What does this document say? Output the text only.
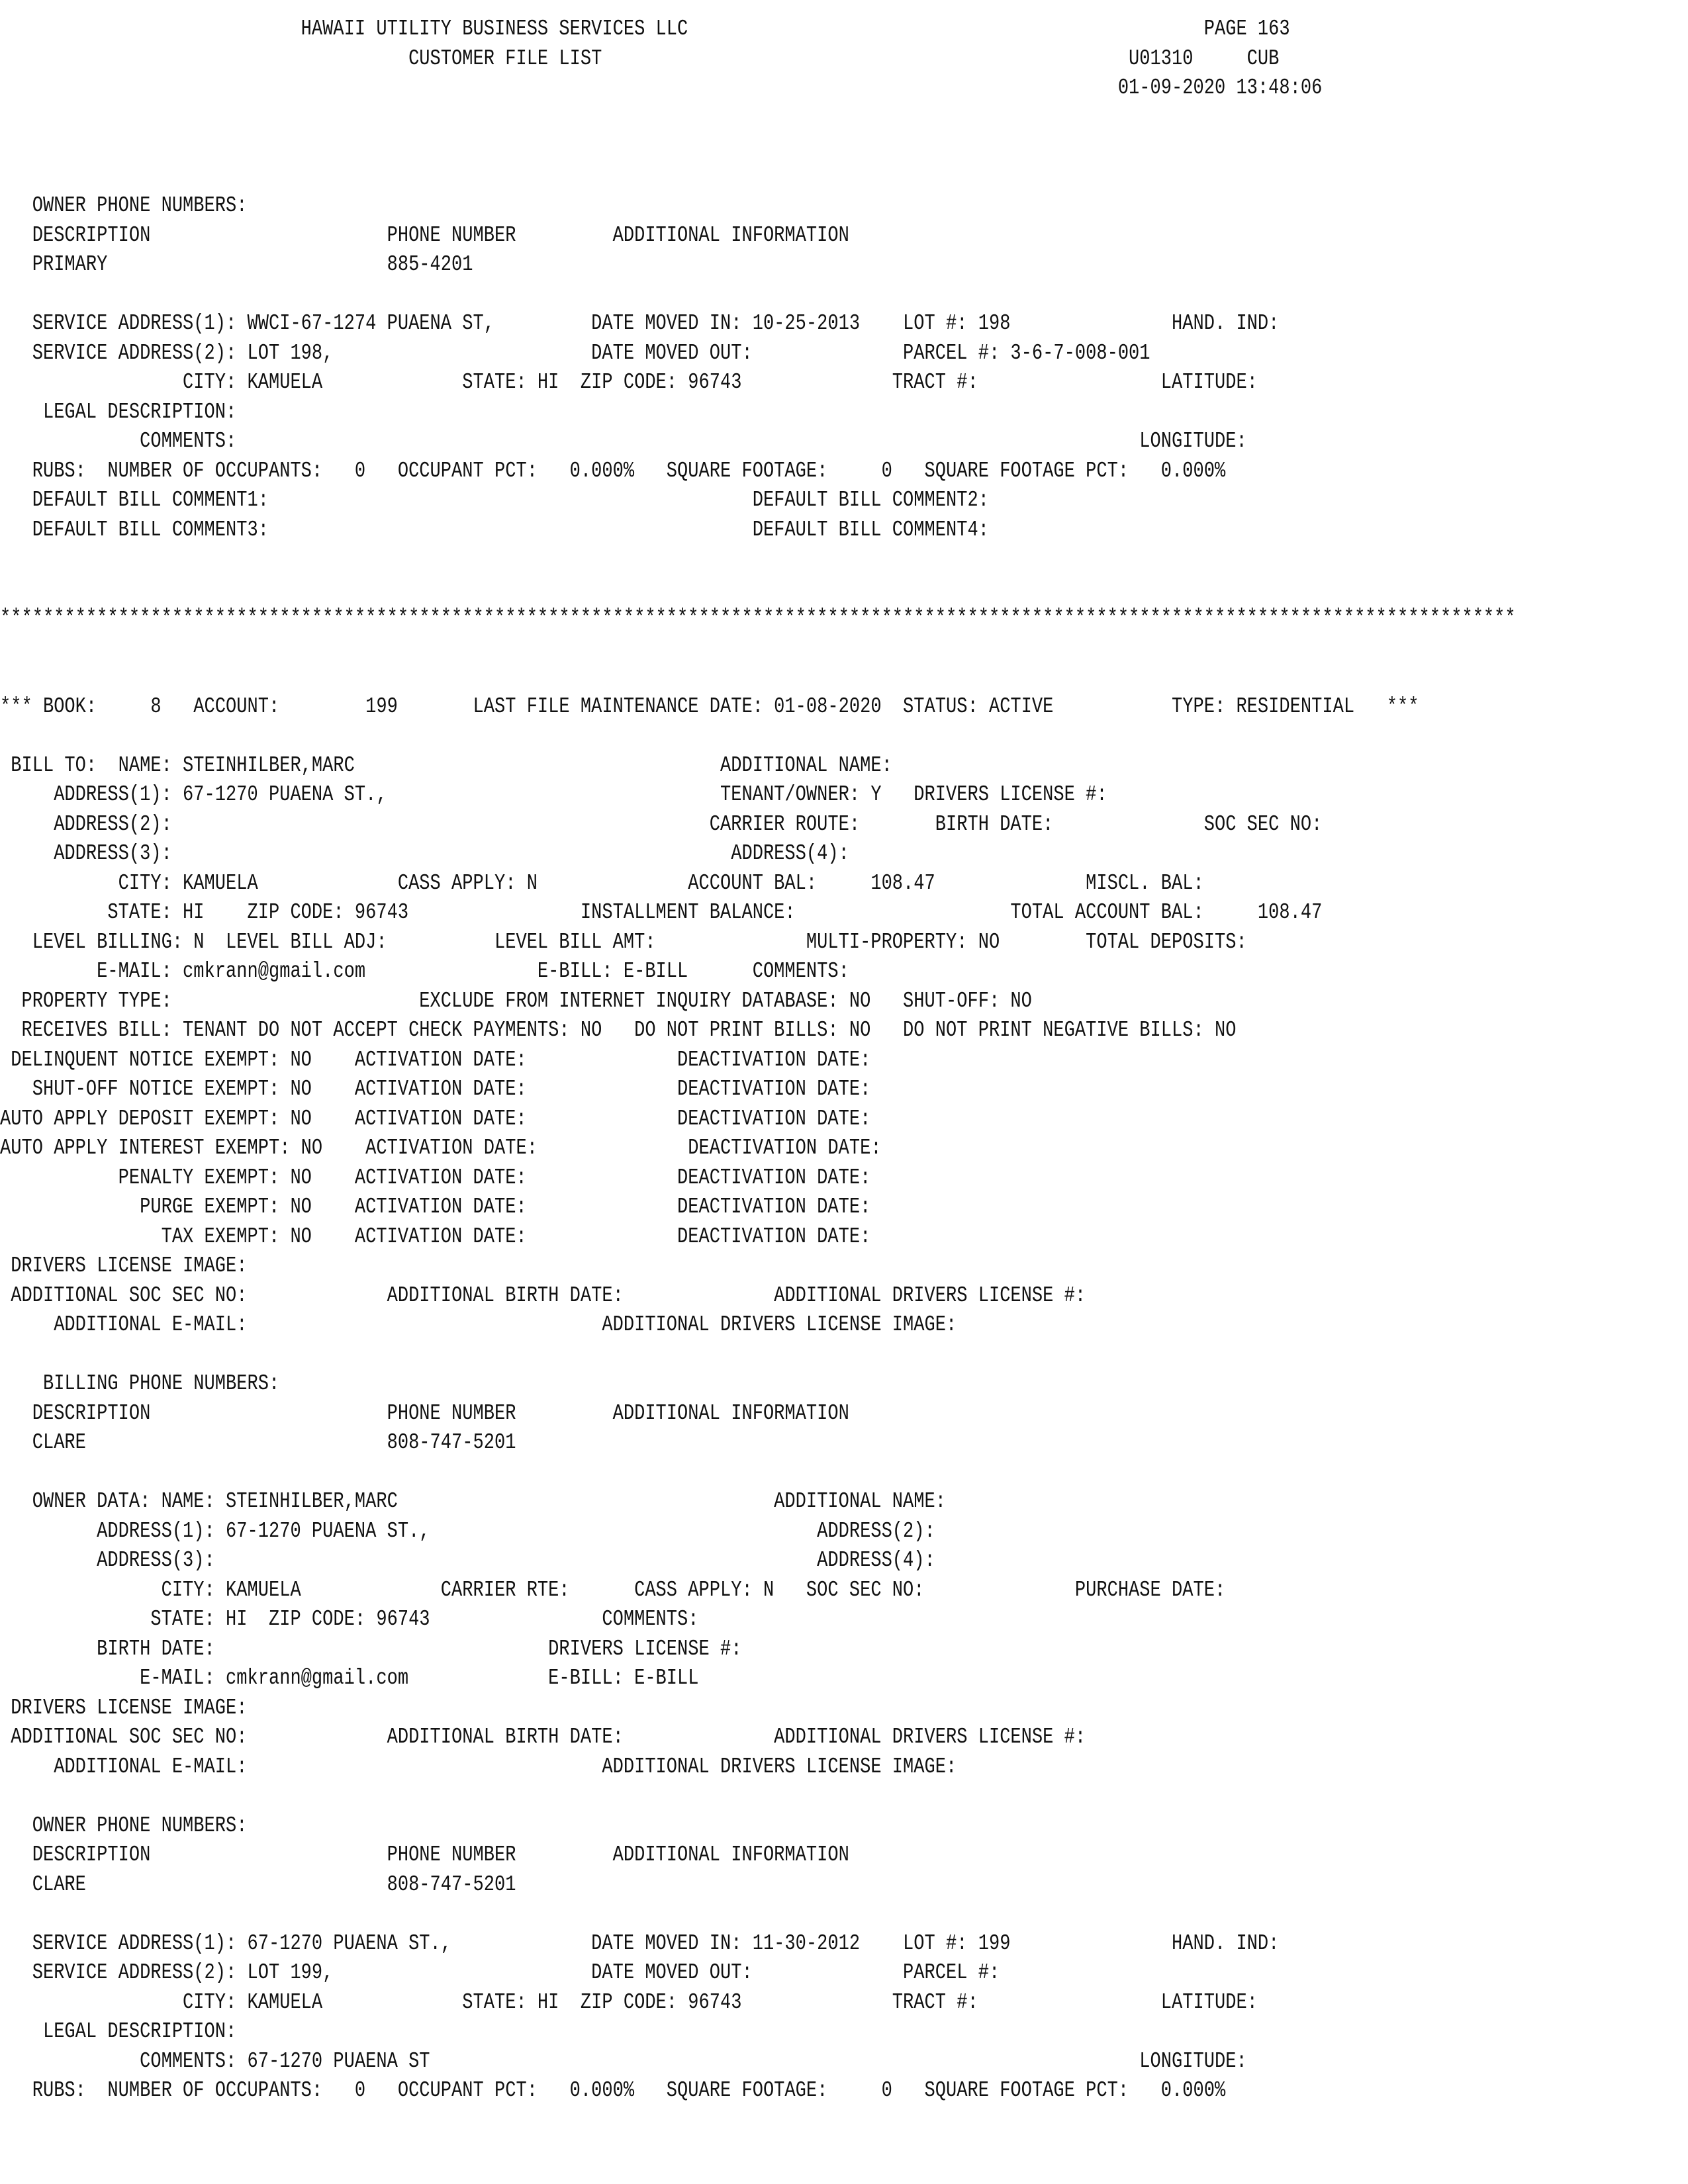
HAWAII UTILITY BUSINESS SERVICES LLC                                                PAGE 163
CUSTOMER FILE LIST                                                 U01310     CUB
01-09-2020 13:48:06
OWNER PHONE NUMBERS:
DESCRIPTION                      PHONE NUMBER         ADDITIONAL INFORMATION
PRIMARY                          885-4201
SERVICE ADDRESS(1): WWCI-67-1274 PUAENA ST,         DATE MOVED IN: 10-25-2013    LOT #: 198               HAND. IND:
SERVICE ADDRESS(2): LOT 198,                        DATE MOVED OUT:              PARCEL #: 3-6-7-008-001
CITY: KAMUELA             STATE: HI  ZIP CODE: 96743              TRACT #:                 LATITUDE:
LEGAL DESCRIPTION:
COMMENTS:                                                                                    LONGITUDE:
RUBS:  NUMBER OF OCCUPANTS:   0   OCCUPANT PCT:   0.000%   SQUARE FOOTAGE:     0   SQUARE FOOTAGE PCT:   0.000%
DEFAULT BILL COMMENT1:                                             DEFAULT BILL COMMENT2:
DEFAULT BILL COMMENT3:                                             DEFAULT BILL COMMENT4:
*********************************************************************************************************************************************
*** BOOK:     8   ACCOUNT:        199       LAST FILE MAINTENANCE DATE: 01-08-2020  STATUS: ACTIVE           TYPE: RESIDENTIAL   ***
BILL TO:  NAME: STEINHILBER,MARC                                  ADDITIONAL NAME:
ADDRESS(1): 67-1270 PUAENA ST.,                               TENANT/OWNER: Y   DRIVERS LICENSE #:
ADDRESS(2):                                                  CARRIER ROUTE:       BIRTH DATE:              SOC SEC NO:
ADDRESS(3):                                                    ADDRESS(4):
CITY: KAMUELA             CASS APPLY: N              ACCOUNT BAL:     108.47              MISCL. BAL:
STATE: HI    ZIP CODE: 96743                INSTALLMENT BALANCE:                    TOTAL ACCOUNT BAL:     108.47
LEVEL BILLING: N  LEVEL BILL ADJ:          LEVEL BILL AMT:              MULTI-PROPERTY: NO        TOTAL DEPOSITS:
E-MAIL: cmkrann@gmail.com                E-BILL: E-BILL      COMMENTS:
PROPERTY TYPE:                       EXCLUDE FROM INTERNET INQUIRY DATABASE: NO   SHUT-OFF: NO
RECEIVES BILL: TENANT DO NOT ACCEPT CHECK PAYMENTS: NO   DO NOT PRINT BILLS: NO   DO NOT PRINT NEGATIVE BILLS: NO
DELINQUENT NOTICE EXEMPT: NO    ACTIVATION DATE:              DEACTIVATION DATE:
SHUT-OFF NOTICE EXEMPT: NO    ACTIVATION DATE:              DEACTIVATION DATE:
AUTO APPLY DEPOSIT EXEMPT: NO    ACTIVATION DATE:              DEACTIVATION DATE:
AUTO APPLY INTEREST EXEMPT: NO    ACTIVATION DATE:              DEACTIVATION DATE:
PENALTY EXEMPT: NO    ACTIVATION DATE:              DEACTIVATION DATE:
PURGE EXEMPT: NO    ACTIVATION DATE:              DEACTIVATION DATE:
TAX EXEMPT: NO    ACTIVATION DATE:              DEACTIVATION DATE:
DRIVERS LICENSE IMAGE:
ADDITIONAL SOC SEC NO:             ADDITIONAL BIRTH DATE:              ADDITIONAL DRIVERS LICENSE #:
ADDITIONAL E-MAIL:                                 ADDITIONAL DRIVERS LICENSE IMAGE:
BILLING PHONE NUMBERS:
DESCRIPTION                      PHONE NUMBER         ADDITIONAL INFORMATION
CLARE                            808-747-5201
OWNER DATA: NAME: STEINHILBER,MARC                                   ADDITIONAL NAME:
ADDRESS(1): 67-1270 PUAENA ST.,                                    ADDRESS(2):
ADDRESS(3):                                                        ADDRESS(4):
CITY: KAMUELA             CARRIER RTE:      CASS APPLY: N   SOC SEC NO:              PURCHASE DATE:
STATE: HI  ZIP CODE: 96743                COMMENTS:
BIRTH DATE:                               DRIVERS LICENSE #:
E-MAIL: cmkrann@gmail.com             E-BILL: E-BILL
DRIVERS LICENSE IMAGE:
ADDITIONAL SOC SEC NO:             ADDITIONAL BIRTH DATE:              ADDITIONAL DRIVERS LICENSE #:
ADDITIONAL E-MAIL:                                 ADDITIONAL DRIVERS LICENSE IMAGE:
OWNER PHONE NUMBERS:
DESCRIPTION                      PHONE NUMBER         ADDITIONAL INFORMATION
CLARE                            808-747-5201
SERVICE ADDRESS(1): 67-1270 PUAENA ST.,             DATE MOVED IN: 11-30-2012    LOT #: 199               HAND. IND:
SERVICE ADDRESS(2): LOT 199,                        DATE MOVED OUT:              PARCEL #:
CITY: KAMUELA             STATE: HI  ZIP CODE: 96743              TRACT #:                 LATITUDE:
LEGAL DESCRIPTION:
COMMENTS: 67-1270 PUAENA ST                                                                  LONGITUDE:
RUBS:  NUMBER OF OCCUPANTS:   0   OCCUPANT PCT:   0.000%   SQUARE FOOTAGE:     0   SQUARE FOOTAGE PCT:   0.000%
